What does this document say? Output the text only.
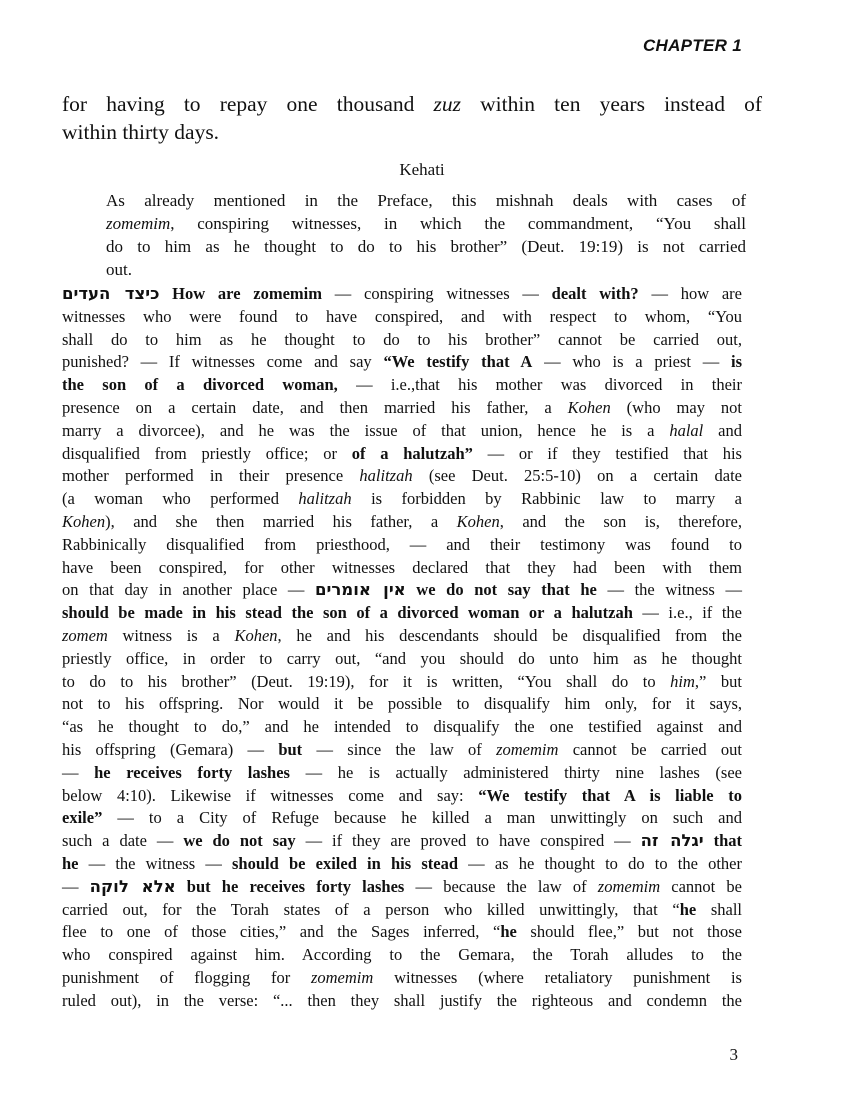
CHAPTER 1
for having to repay one thousand zuz within ten years instead of
within thirty days.
Kehati
As already mentioned in the Preface, this mishnah deals with cases of
zomemim, conspiring witnesses, in which the commandment, “You shall
do to him as he thought to do to his brother” (Deut. 19:19) is not carried
out.
כיצד העדים How are zomemim — conspiring witnesses — dealt with? — how are
witnesses who were found to have conspired, and with respect to whom, “You
shall do to him as he thought to do to his brother” cannot be carried out,
punished? — If witnesses come and say “We testify that A — who is a priest — is
the son of a divorced woman, — i.e.,that his mother was divorced in their
presence on a certain date, and then married his father, a Kohen (who may not
marry a divorcee), and he was the issue of that union, hence he is a halal and
disqualified from priestly office; or of a halutzah” — or if they testified that his
mother performed in their presence halitzah (see Deut. 25:5-10) on a certain date
(a woman who performed halitzah is forbidden by Rabbinic law to marry a
Kohen), and she then married his father, a Kohen, and the son is, therefore,
Rabbinically disqualified from priesthood, — and their testimony was found to
have been conspired, for other witnesses declared that they had been with them
on that day in another place — אין אומרים we do not say that he — the witness —
should be made in his stead the son of a divorced woman or a halutzah — i.e., if the
zomem witness is a Kohen, he and his descendants should be disqualified from the
priestly office, in order to carry out, “and you should do unto him as he thought
to do to his brother” (Deut. 19:19), for it is written, “You shall do to him,” but
not to his offspring. Nor would it be possible to disqualify him only, for it says,
“as he thought to do,” and he intended to disqualify the one testified against and
his offspring (Gemara) — but — since the law of zomemim cannot be carried out
— he receives forty lashes — he is actually administered thirty nine lashes (see
below 4:10). Likewise if witnesses come and say: “We testify that A is liable to
exile” — to a City of Refuge because he killed a man unwittingly on such and
such a date — we do not say — if they are proved to have conspired — יגלה זה that
he — the witness — should be exiled in his stead — as he thought to do to the other
— אלא לוקה but he receives forty lashes — because the law of zomemim cannot be
carried out, for the Torah states of a person who killed unwittingly, that “he shall
flee to one of those cities,” and the Sages inferred, “he should flee,” but not those
who conspired against him. According to the Gemara, the Torah alludes to the
punishment of flogging for zomemim witnesses (where retaliatory punishment is
ruled out), in the verse: “... then they shall justify the righteous and condemn the
3
